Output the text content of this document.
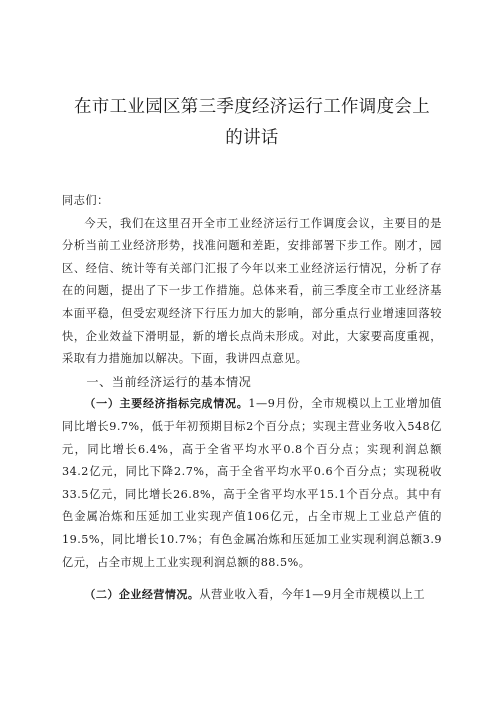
在市工业园区第三季度经济运行工作调度会上
的讲话

同志们：

今天，我们在这里召开全市工业经济运行工作调度会议，主要目的是分析当前工业经济形势，找准问题和差距，安排部署下步工作。刚才，园区、经信、统计等有关部门汇报了今年以来工业经济运行情况，分析了存在的问题，提出了下一步工作措施。总体来看，前三季度全市工业经济基本面平稳，但受宏观经济下行压力加大的影响，部分重点行业增速回落较快，企业效益下滑明显，新的增长点尚未形成。对此，大家要高度重视，采取有力措施加以解决。下面，我讲四点意见。

一、当前经济运行的基本情况

（一）主要经济指标完成情况。1—9月份，全市规模以上工业增加值同比增长9.7%，低于年初预期目标2个百分点；实现主营业务收入548亿元，同比增长6.4%，高于全省平均水平0.8个百分点；实现利润总额34.2亿元，同比下降2.7%，高于全省平均水平0.6个百分点；实现税收33.5亿元，同比增长26.8%，高于全省平均水平15.1个百分点。其中有色金属冶炼和压延加工业实现产值106亿元，占全市规上工业总产值的19.5%，同比增长10.7%；有色金属冶炼和压延加工业实现利润总额3.9亿元，占全市规上工业实现利润总额的88.5%。

（二）企业经营情况。从营业收入看，今年1—9月全市规模以上工
